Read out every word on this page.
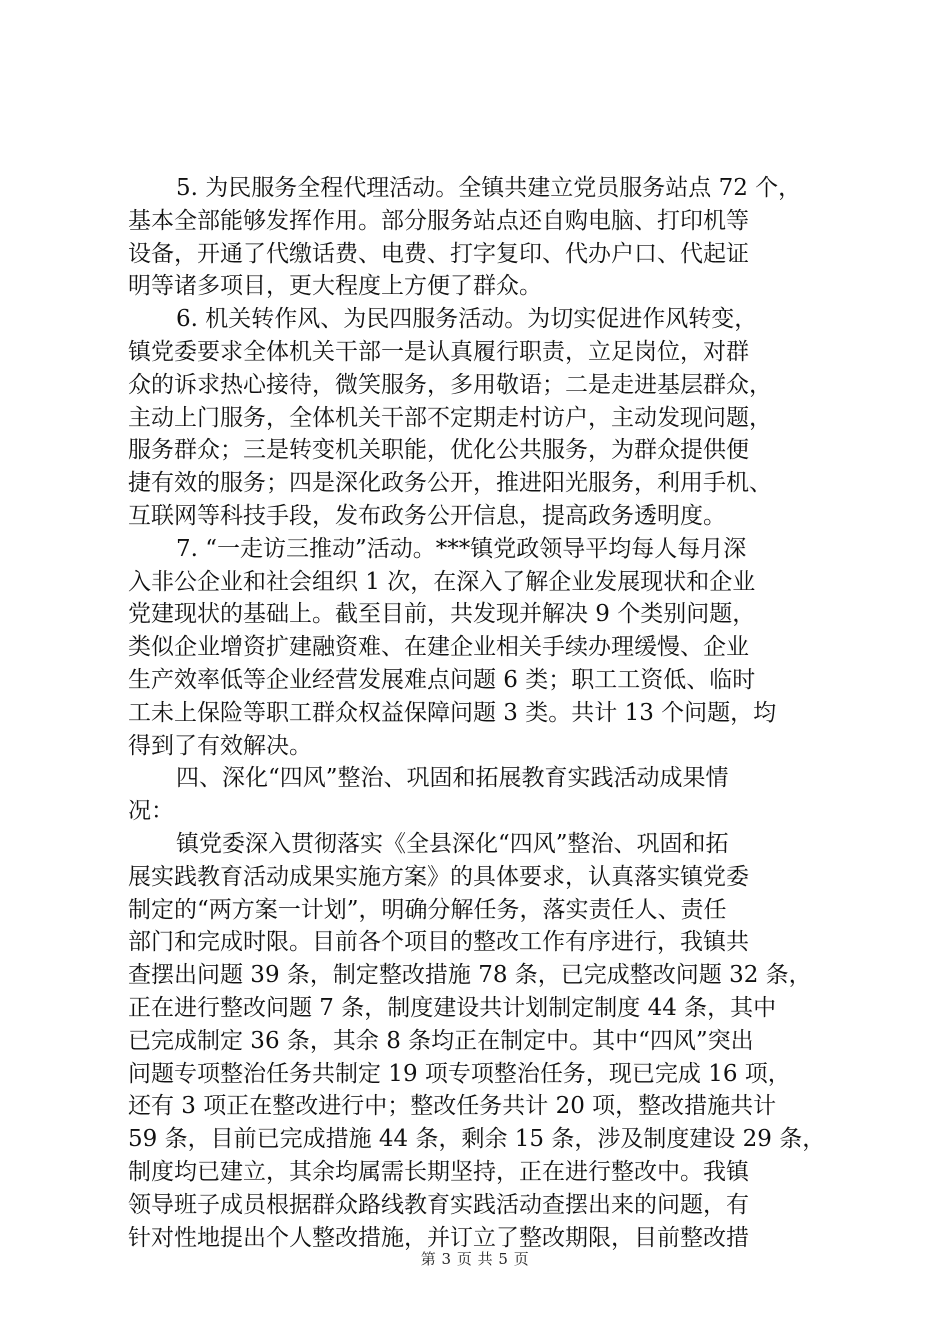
5. 为民服务全程代理活动。全镇共建立党员服务站点 72 个，
基本全部能够发挥作用。部分服务站点还自购电脑、打印机等
设备，开通了代缴话费、电费、打字复印、代办户口、代起证
明等诸多项目，更大程度上方便了群众。
6. 机关转作风、为民四服务活动。为切实促进作风转变，
镇党委要求全体机关干部一是认真履行职责，立足岗位，对群
众的诉求热心接待，微笑服务，多用敬语；二是走进基层群众，
主动上门服务，全体机关干部不定期走村访户，主动发现问题，
服务群众；三是转变机关职能，优化公共服务，为群众提供便
捷有效的服务；四是深化政务公开，推进阳光服务，利用手机、
互联网等科技手段，发布政务公开信息，提高政务透明度。
7. “一走访三推动”活动。***镇党政领导平均每人每月深
入非公企业和社会组织 1 次，在深入了解企业发展现状和企业
党建现状的基础上。截至目前，共发现并解决 9 个类别问题，
类似企业增资扩建融资难、在建企业相关手续办理缓慢、企业
生产效率低等企业经营发展难点问题 6 类；职工工资低、临时
工未上保险等职工群众权益保障问题 3 类。共计 13 个问题，均
得到了有效解决。
四、深化“四风”整治、巩固和拓展教育实践活动成果情
况：
镇党委深入贯彻落实《全县深化“四风”整治、巩固和拓
展实践教育活动成果实施方案》的具体要求，认真落实镇党委
制定的“两方案一计划”，明确分解任务，落实责任人、责任
部门和完成时限。目前各个项目的整改工作有序进行，我镇共
查摆出问题 39 条，制定整改措施 78 条，已完成整改问题 32 条，
正在进行整改问题 7 条，制度建设共计划制定制度 44 条，其中
已完成制定 36 条，其余 8 条均正在制定中。其中“四风”突出
问题专项整治任务共制定 19 项专项整治任务，现已完成 16 项，
还有 3 项正在整改进行中；整改任务共计 20 项，整改措施共计
59 条，目前已完成措施 44 条，剩余 15 条，涉及制度建设 29 条，
制度均已建立，其余均属需长期坚持，正在进行整改中。我镇
领导班子成员根据群众路线教育实践活动查摆出来的问题，有
针对性地提出个人整改措施，并订立了整改期限，目前整改措
第 3 页 共 5 页
